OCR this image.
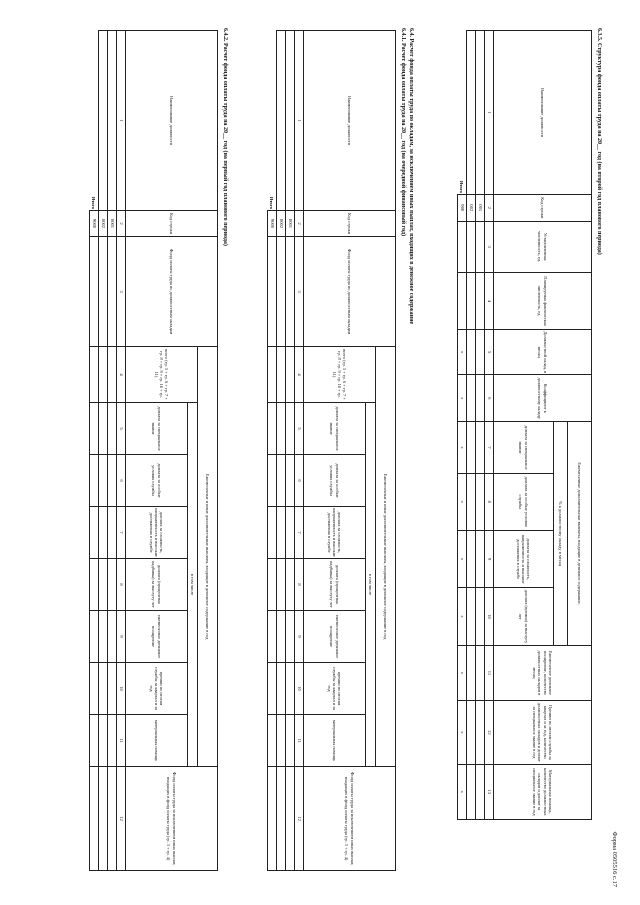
Форма 0505516 с.17
6.3.5. Структура фонда оплаты труда на 20__ год (на второй год планового периода)
Наименование должности	Код строки	Установленная численность, ед.	Планируемая фактическая численность, ед.	Должностной оклад, в месяц	Коэффициент к должностному окладу	Ежемесячные дополнительные выплаты, входящие в денежное содержание,				Ежемесячное денежное поощрение, количество должностных окладов в месяц	Премии по итогам службы за квартал и за год, количество должностных окладов и доплат за специальное звание в год	Материальная помощь, количество должностных окладов и доплат за специальное звание в год
						% к должностному окладу в месяц						
						доплата за специальное звание	доплата за особые условия службы	доплата за сложность, напряженность и высокие достижения в службе	доплата (премия) за выслугу лет			
1	2	3	4	5	6	7	8	9	10	11	12	13
	001											
	002											
Итого	900			x	x	x	x	x	x	x	x	x
6.4. Расчет фонда оплаты труда по окладам, за исключением иных выплат, входящих в денежное содержание
6.4.1. Расчет фонда оплаты труда на 20__ год (на очередной финансовый год)
Наименование должности	Код строки	Фонд оплаты труда по должностным окладам	Ежемесячные и иные дополнительные выплаты, входящие в денежное содержание в год								Фонд оплаты труда за исключением иных выплат, входящих в фонд оплаты труда (гр. 3 + гр. 4)
			всего (гр. 5 + гр. 6 + гр. 7 + гр. 8 + гр. 9 + гр. 10 + гр. 11)	в том числе							
				доплата за специальное звание	доплата за особые условия службы	доплата за сложность, напряженность и высокие достижения в службе	доплата (процентная надбавка) за выслугу лет	ежемесячное денежное поощрение	премии по итогам службы за квартал и за год	материальная помощь	
1	2	3	4	5	6	7	8	9	10	11	12
	0001										
	0002										
Итого	9000										
6.4.2. Расчет фонда оплаты труда на 20__ год (на первый год планового периода)
Наименование должности	Код строки	Фонд оплаты труда по должностным окладам	Ежемесячные и иные дополнительные выплаты, входящие в денежное содержание в год								Фонд оплаты труда за исключением иных выплат, входящих в фонд оплаты труда (гр. 3 + гр. 4)
			всего (гр. 5 + гр. 6 + гр. 7 + гр. 8 + гр. 9 + гр. 10 + гр. 11)	в том числе							
				доплата за специальное звание	доплата за особые условия службы	доплата за сложность, напряженность и высокие достижения в службе	доплата (процентная надбавка) за выслугу лет	ежемесячное денежное поощрение	премии по итогам службы за квартал и за год	материальная помощь	
1	2	3	4	5	6	7	8	9	10	11	12
	0001										
	0002										
Итого	9000										
